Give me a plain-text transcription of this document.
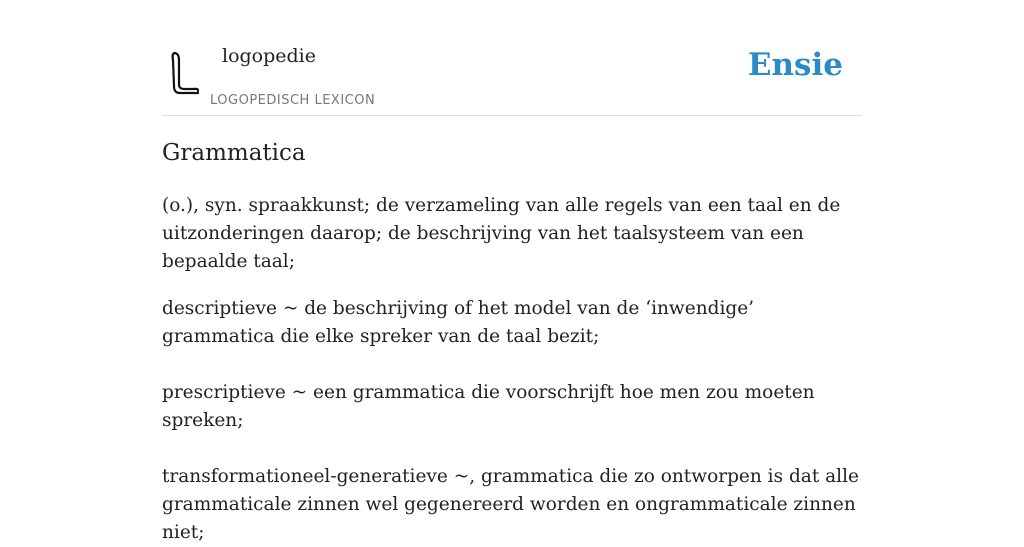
logopedie
LOGOPEDISCH LEXICON
Ensie
Grammatica

(o.), syn. spraakkunst; de verzameling van alle regels van een taal en de uitzonderingen daarop; de beschrijving van het taalsysteem van een bepaalde taal;

descriptieve ~ de beschrijving of het model van de ‘inwendige’ grammatica die elke spreker van de taal bezit;

prescriptieve ~ een grammatica die voorschrijft hoe men zou moeten spreken;

transformationeel-generatieve ~, grammatica die zo ontworpen is dat alle grammaticale zinnen wel gegenereerd worden en ongrammaticale zinnen niet;
